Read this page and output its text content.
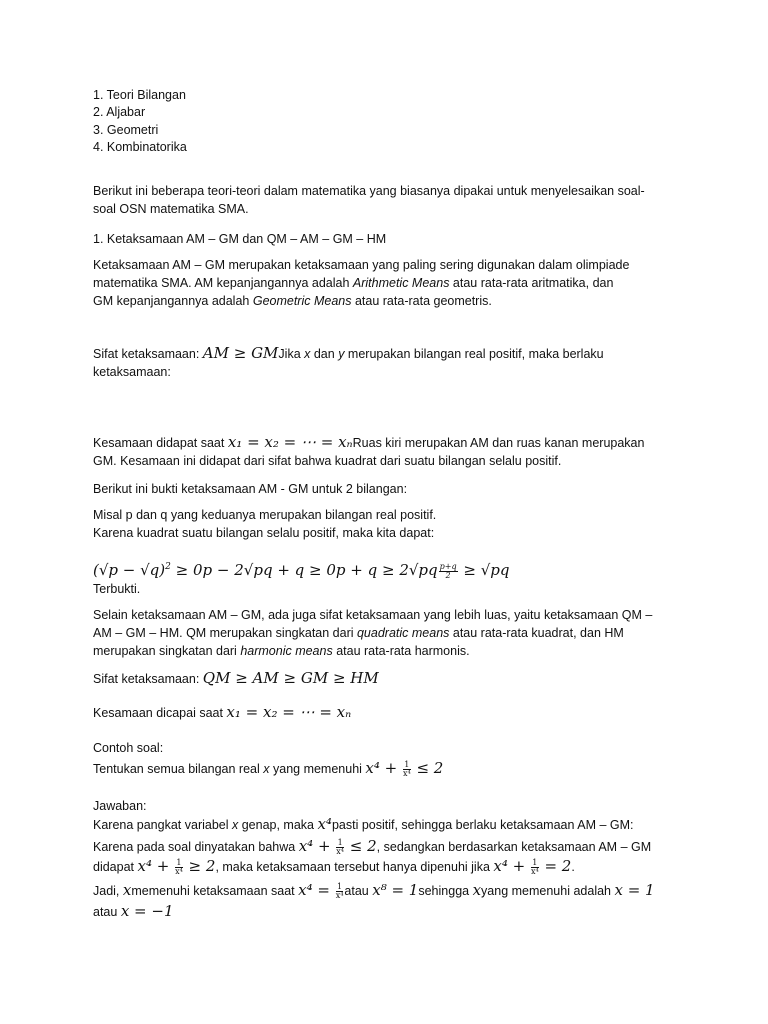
1. Teori Bilangan
2. Aljabar
3. Geometri
4. Kombinatorika
Berikut ini beberapa teori-teori dalam matematika yang biasanya dipakai untuk menyelesaikan soal-
soal OSN matematika SMA.
1. Ketaksamaan AM – GM dan QM – AM – GM – HM
Ketaksamaan AM – GM merupakan ketaksamaan yang paling sering digunakan dalam olimpiade
matematika SMA. AM kepanjangannya adalah Arithmetic Means atau rata-rata aritmatika, dan
GM kepanjangannya adalah Geometric Means atau rata-rata geometris.
Sifat ketaksamaan: AM ≥ GMJika x dan y merupakan bilangan real positif, maka berlaku
ketaksamaan:
Kesamaan didapat saat x₁ = x₂ = ⋯ = xₙRuas kiri merupakan AM dan ruas kanan merupakan
GM. Kesamaan ini didapat dari sifat bahwa kuadrat dari suatu bilangan selalu positif.
Berikut ini bukti ketaksamaan AM - GM untuk 2 bilangan:
Misal p dan q yang keduanya merupakan bilangan real positif.
Karena kuadrat suatu bilangan selalu positif, maka kita dapat:
$(√p - √q)^2 \ge 0p - 2√pq + q \ge 0p + q \ge 2√pq \frac{p+q}{2} \ge √pq$
Terbukti.
Selain ketaksamaan AM – GM, ada juga sifat ketaksamaan yang lebih luas, yaitu ketaksamaan QM –
AM – GM – HM. QM merupakan singkatan dari quadratic means atau rata-rata kuadrat, dan HM
merupakan singkatan dari harmonic means atau rata-rata harmonis.
Sifat ketaksamaan: QM ≥ AM ≥ GM ≥ HM
Kesamaan dicapai saat x₁ = x₂ = ⋯ = xₙ
Contoh soal:
Tentukan semua bilangan real x yang memenuhi $x^4 + \frac{1}{\text{x⁴}} \le 2$
Jawaban:
Karena pangkat variabel x genap, maka x⁴pasti positif, sehingga berlaku ketaksamaan AM – GM:
Karena pada soal dinyatakan bahwa $x^4 + \frac{1}{\text{x⁴}} \le 2$, sedangkan berdasarkan ketaksamaan AM – GM
didapat $x^4 + \frac{1}{\text{x⁴}} \ge 2$, maka ketaksamaan tersebut hanya dipenuhi jika $x^4 + \frac{1}{\text{x⁴}} = 2$.
Jadi, xmemenuhi ketaksamaan saat $x^4 = \frac{1}{\text{x⁴}}$ atau x⁸ = 1sehingga xyang memenuhi adalah x = 1
atau x = −1
